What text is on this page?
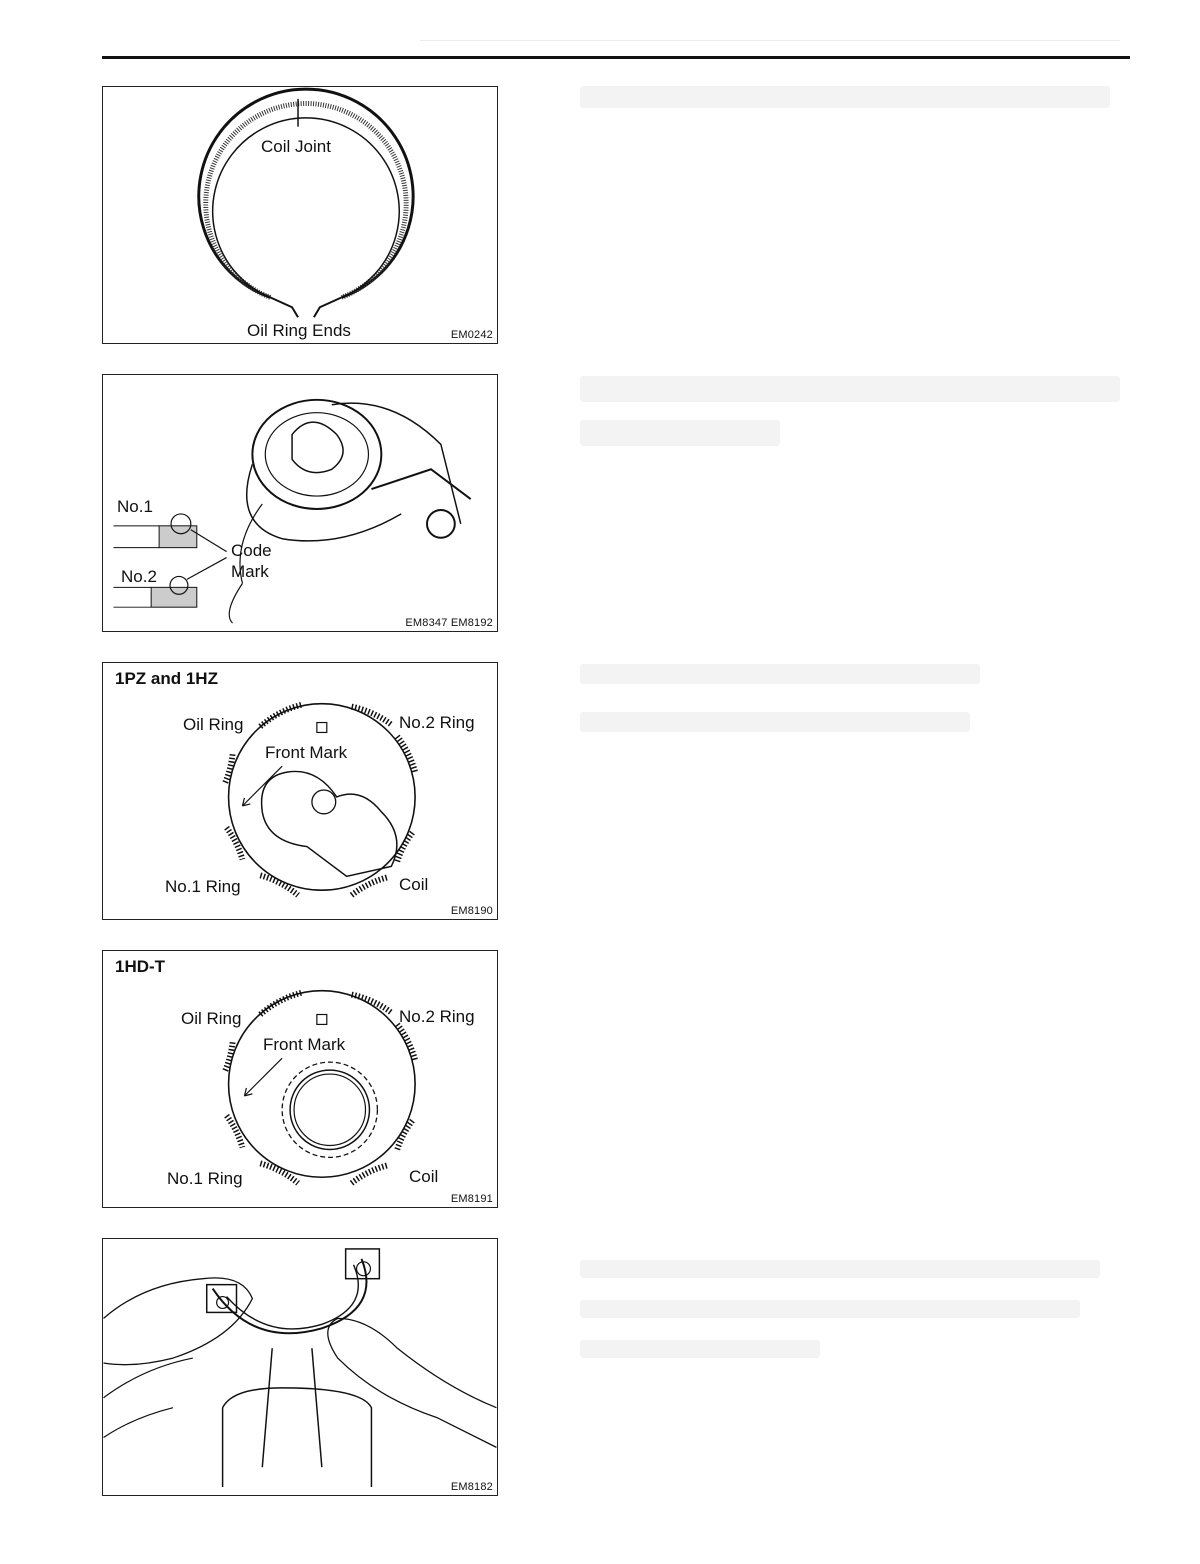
Coil Joint
Oil Ring Ends	EM0242
No.1
No.2
Code
Mark
EM8347 EM8192
1PZ and 1HZ
Oil Ring	No.2 Ring
Front Mark
No.1 Ring	Coil
EM8190
1HD-T
Oil Ring	No.2 Ring
Front Mark
No.1 Ring	Coil
EM8191
EM8182
